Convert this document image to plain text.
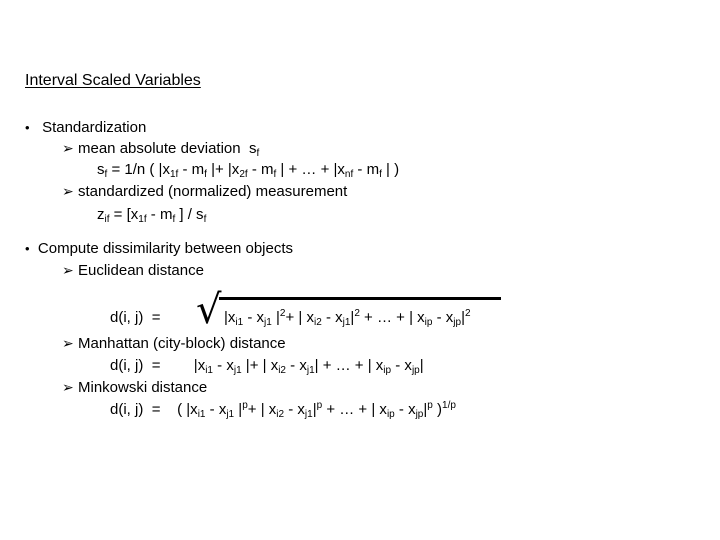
Interval Scaled Variables
• Standardization
➢ mean absolute deviation  $s_f$
$s_f = 1/n$ ( $|x_{1f} - m_f$ |+ $|x_{2f} - m_f$ | + … + $|x_{nf} - m_f$ | )
➢ standardized (normalized) measurement
$z_{if} = [x_{1f} - m_f$ ] / $s_f$
• Compute dissimilarity between objects
➢ Euclidean distance
d(i, j) = √ $|x_{i1} - x_{j1}$ $|^2+$ | $x_{i2} - x_{j1}|^2$ + … + | $x_{ip} - x_{jp}|^2$
➢ Manhattan (city-block) distance
d(i, j) =        $|x_{i1} - x_{j1}$ |+ | $x_{i2} - x_{j1}|$ + … + | $x_{ip} - x_{jp}|$
➢ Minkowski distance
d(i, j) =    ( $|x_{i1} - x_{j1}$ $|^p+$ | $x_{i2} - x_{j1}|^p$ + … + | $x_{ip} - x_{jp}|^p$ )$^{1/p}$
